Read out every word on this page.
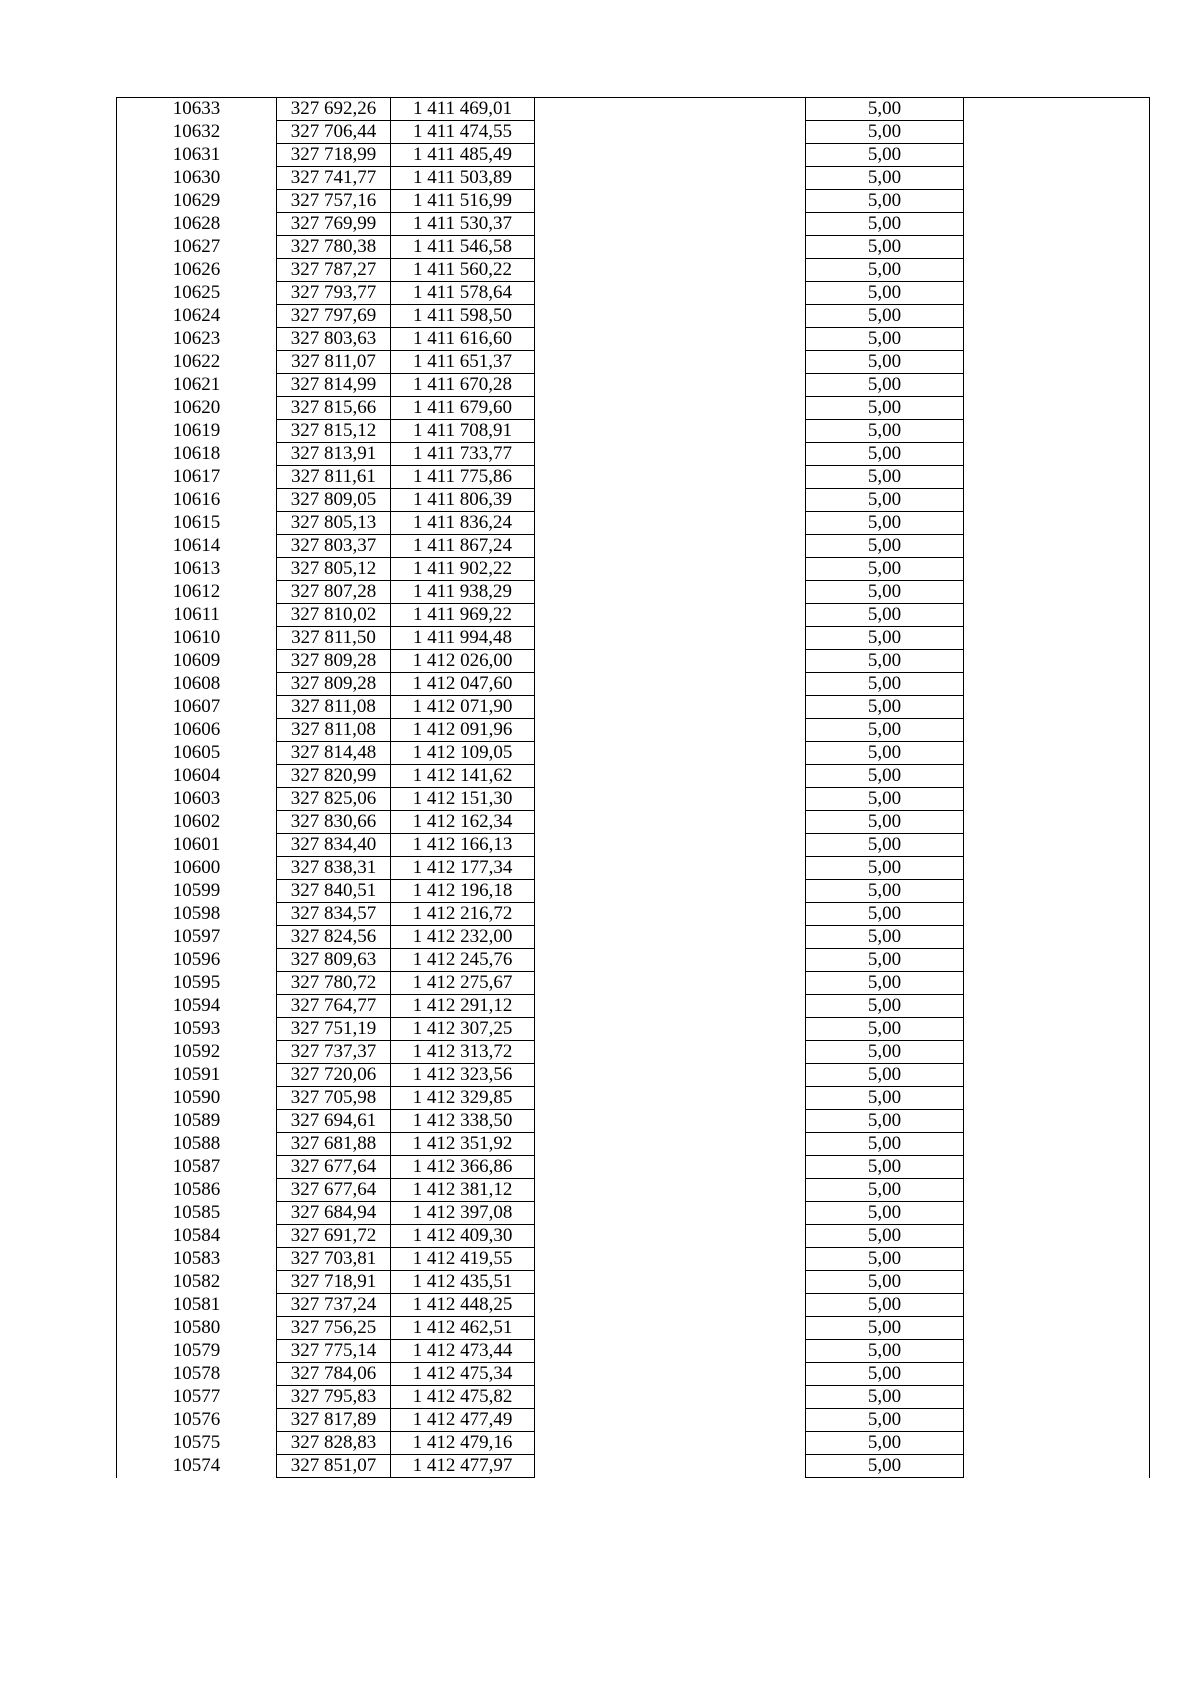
10633	327 692,26	1 411 469,01		5,00	
10632	327 706,44	1 411 474,55		5,00	
10631	327 718,99	1 411 485,49		5,00	
10630	327 741,77	1 411 503,89		5,00	
10629	327 757,16	1 411 516,99		5,00	
10628	327 769,99	1 411 530,37		5,00	
10627	327 780,38	1 411 546,58		5,00	
10626	327 787,27	1 411 560,22		5,00	
10625	327 793,77	1 411 578,64		5,00	
10624	327 797,69	1 411 598,50		5,00	
10623	327 803,63	1 411 616,60		5,00	
10622	327 811,07	1 411 651,37		5,00	
10621	327 814,99	1 411 670,28		5,00	
10620	327 815,66	1 411 679,60		5,00	
10619	327 815,12	1 411 708,91		5,00	
10618	327 813,91	1 411 733,77		5,00	
10617	327 811,61	1 411 775,86		5,00	
10616	327 809,05	1 411 806,39		5,00	
10615	327 805,13	1 411 836,24		5,00	
10614	327 803,37	1 411 867,24		5,00	
10613	327 805,12	1 411 902,22		5,00	
10612	327 807,28	1 411 938,29		5,00	
10611	327 810,02	1 411 969,22		5,00	
10610	327 811,50	1 411 994,48		5,00	
10609	327 809,28	1 412 026,00		5,00	
10608	327 809,28	1 412 047,60		5,00	
10607	327 811,08	1 412 071,90		5,00	
10606	327 811,08	1 412 091,96		5,00	
10605	327 814,48	1 412 109,05		5,00	
10604	327 820,99	1 412 141,62		5,00	
10603	327 825,06	1 412 151,30		5,00	
10602	327 830,66	1 412 162,34		5,00	
10601	327 834,40	1 412 166,13		5,00	
10600	327 838,31	1 412 177,34		5,00	
10599	327 840,51	1 412 196,18		5,00	
10598	327 834,57	1 412 216,72		5,00	
10597	327 824,56	1 412 232,00		5,00	
10596	327 809,63	1 412 245,76		5,00	
10595	327 780,72	1 412 275,67		5,00	
10594	327 764,77	1 412 291,12		5,00	
10593	327 751,19	1 412 307,25		5,00	
10592	327 737,37	1 412 313,72		5,00	
10591	327 720,06	1 412 323,56		5,00	
10590	327 705,98	1 412 329,85		5,00	
10589	327 694,61	1 412 338,50		5,00	
10588	327 681,88	1 412 351,92		5,00	
10587	327 677,64	1 412 366,86		5,00	
10586	327 677,64	1 412 381,12		5,00	
10585	327 684,94	1 412 397,08		5,00	
10584	327 691,72	1 412 409,30		5,00	
10583	327 703,81	1 412 419,55		5,00	
10582	327 718,91	1 412 435,51		5,00	
10581	327 737,24	1 412 448,25		5,00	
10580	327 756,25	1 412 462,51		5,00	
10579	327 775,14	1 412 473,44		5,00	
10578	327 784,06	1 412 475,34		5,00	
10577	327 795,83	1 412 475,82		5,00	
10576	327 817,89	1 412 477,49		5,00	
10575	327 828,83	1 412 479,16		5,00	
10574	327 851,07	1 412 477,97		5,00	
